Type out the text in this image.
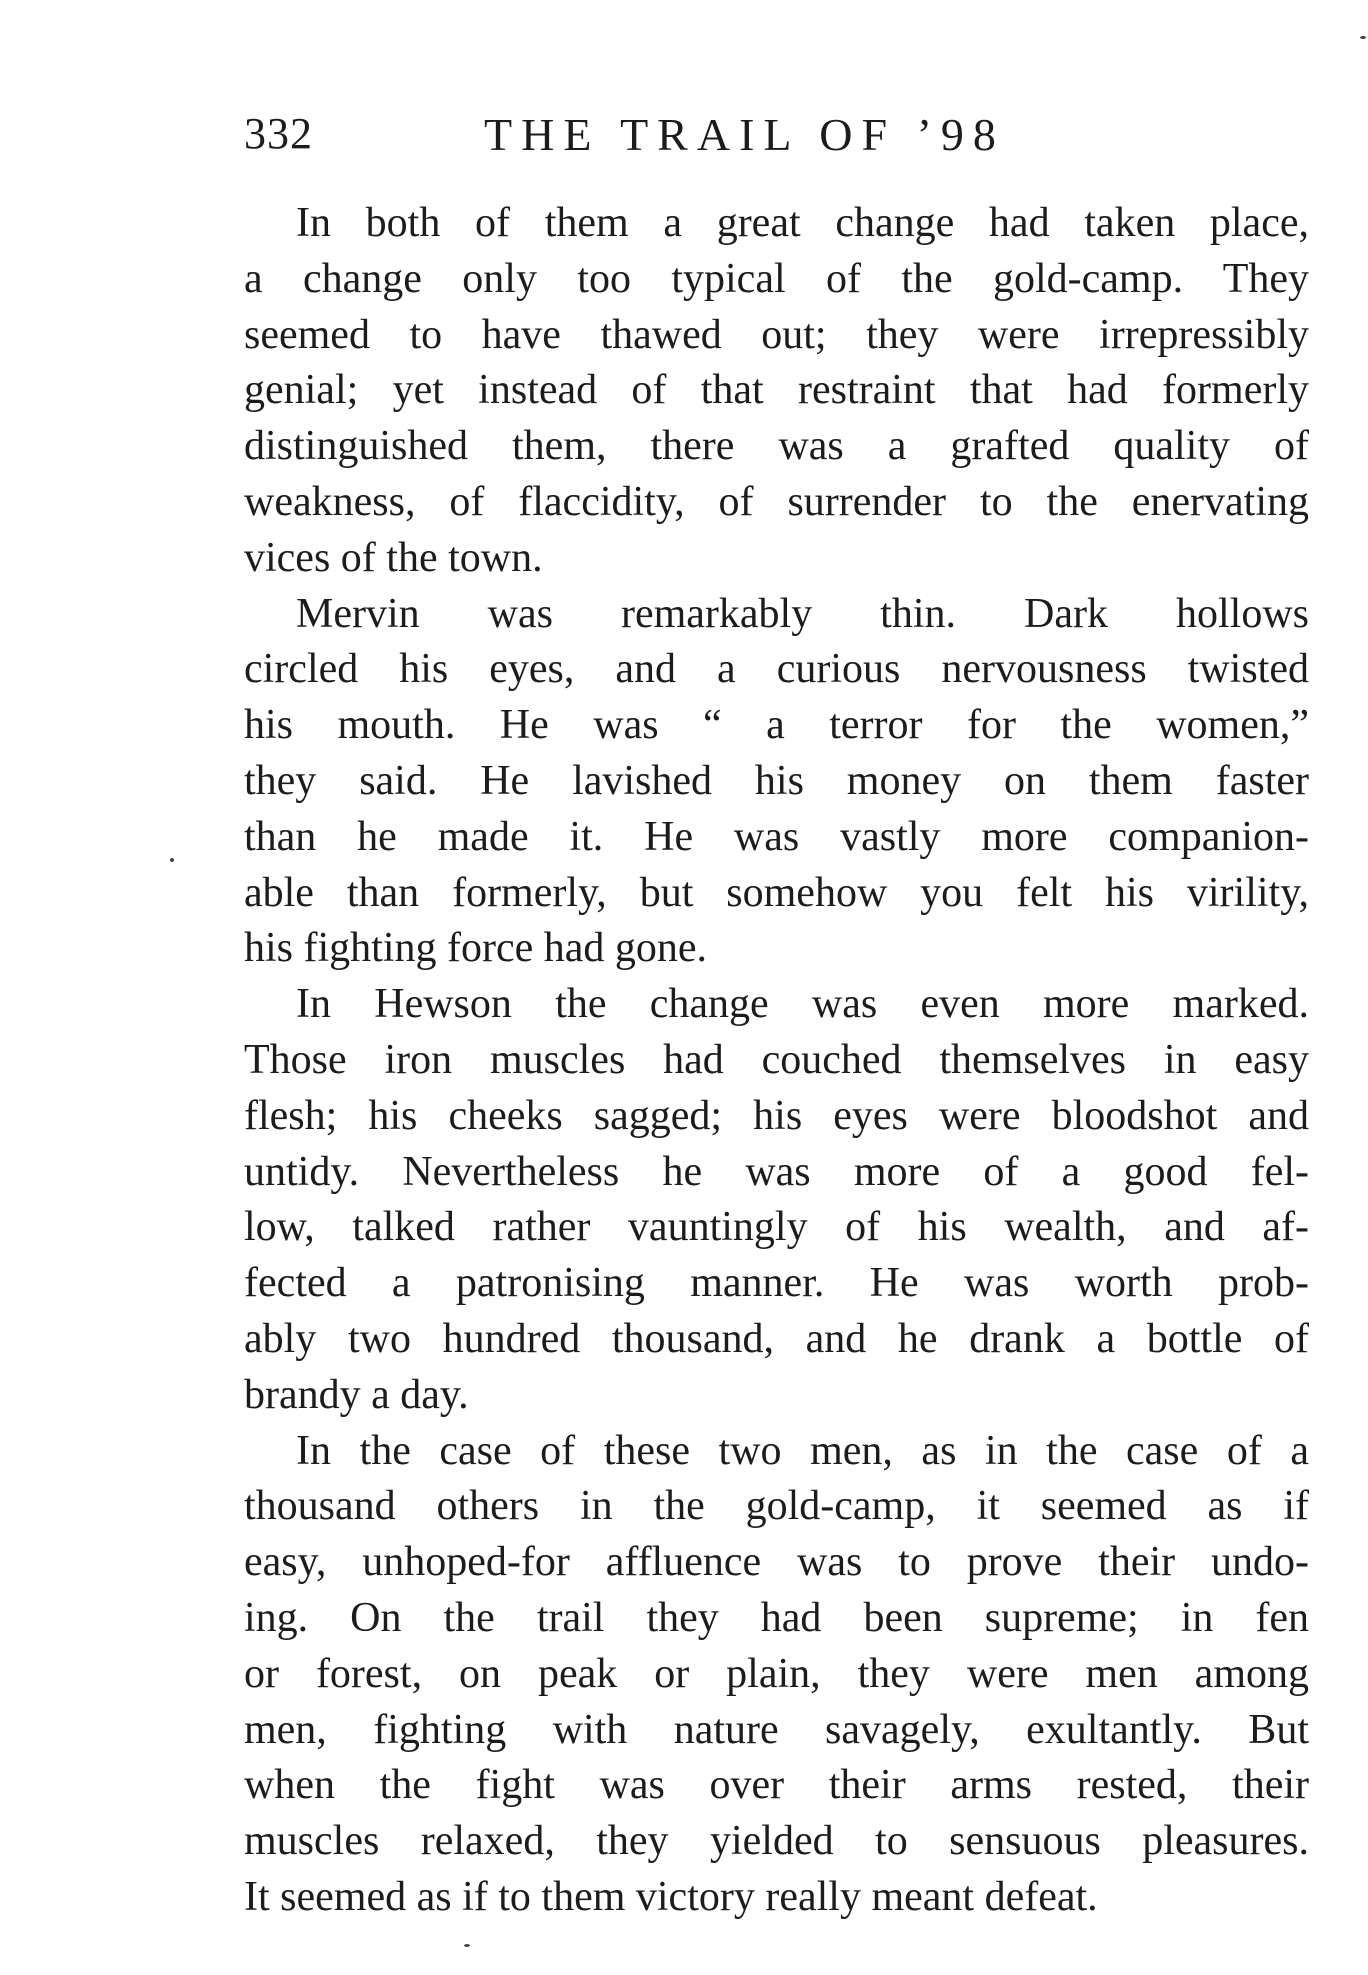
332	THE TRAIL OF ’98
In both of them a great change had taken place,
a change only too typical of the gold-camp. They
seemed to have thawed out; they were irrepressibly
genial; yet instead of that restraint that had formerly
distinguished them, there was a grafted quality of
weakness, of flaccidity, of surrender to the enervating
vices of the town.
Mervin was remarkably thin. Dark hollows
circled his eyes, and a curious nervousness twisted
his mouth. He was “ a terror for the women,”
they said. He lavished his money on them faster
than he made it. He was vastly more companion-
able than formerly, but somehow you felt his virility,
his fighting force had gone.
In Hewson the change was even more marked.
Those iron muscles had couched themselves in easy
flesh; his cheeks sagged; his eyes were bloodshot and
untidy. Nevertheless he was more of a good fel-
low, talked rather vauntingly of his wealth, and af-
fected a patronising manner. He was worth prob-
ably two hundred thousand, and he drank a bottle of
brandy a day.
In the case of these two men, as in the case of a
thousand others in the gold-camp, it seemed as if
easy, unhoped-for affluence was to prove their undo-
ing. On the trail they had been supreme; in fen
or forest, on peak or plain, they were men among
men, fighting with nature savagely, exultantly. But
when the fight was over their arms rested, their
muscles relaxed, they yielded to sensuous pleasures.
It seemed as if to them victory really meant defeat.
